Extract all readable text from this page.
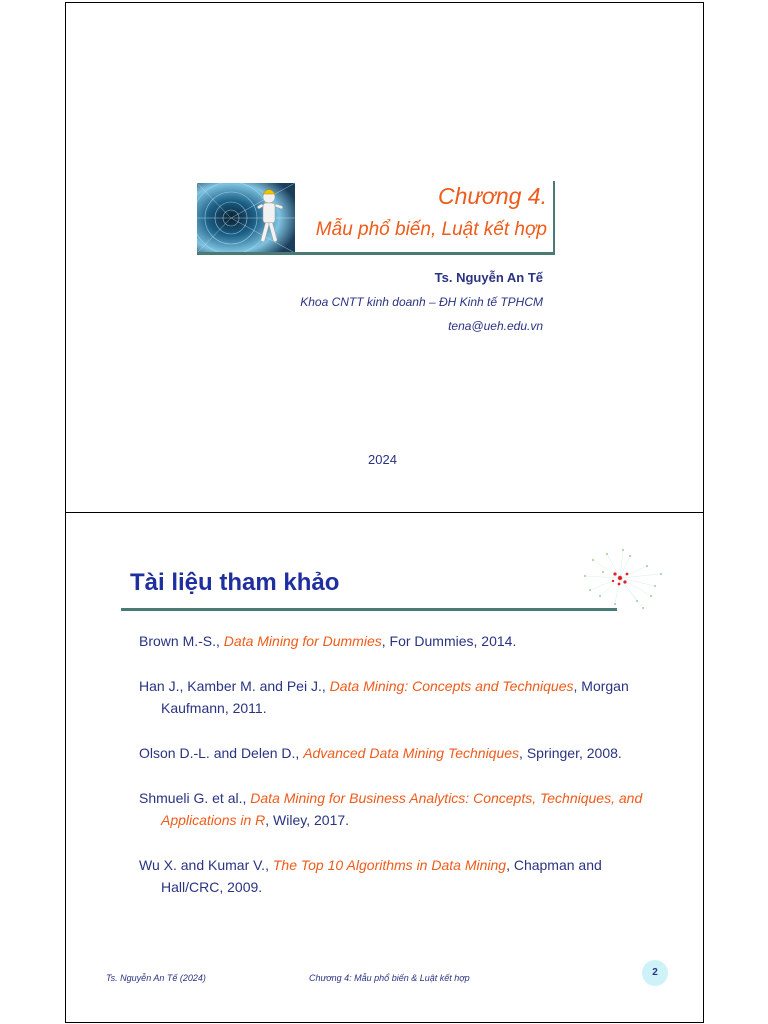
Chương 4.
Mẫu phổ biến, Luật kết hợp
Ts. Nguyễn An Tế
Khoa CNTT kinh doanh – ĐH Kinh tế TPHCM
tena@ueh.edu.vn
2024
Tài liệu tham khảo

Brown M.-S., Data Mining for Dummies, For Dummies, 2014.

Han J., Kamber M. and Pei J., Data Mining: Concepts and Techniques, Morgan Kaufmann, 2011.

Olson D.-L. and Delen D., Advanced Data Mining Techniques, Springer, 2008.

Shmueli G. et al., Data Mining for Business Analytics: Concepts, Techniques, and Applications in R, Wiley, 2017.

Wu X. and Kumar V., The Top 10 Algorithms in Data Mining, Chapman and Hall/CRC, 2009.

Ts. Nguyễn An Tế (2024)	Chương 4: Mẫu phổ biến & Luật kết hợp	2
